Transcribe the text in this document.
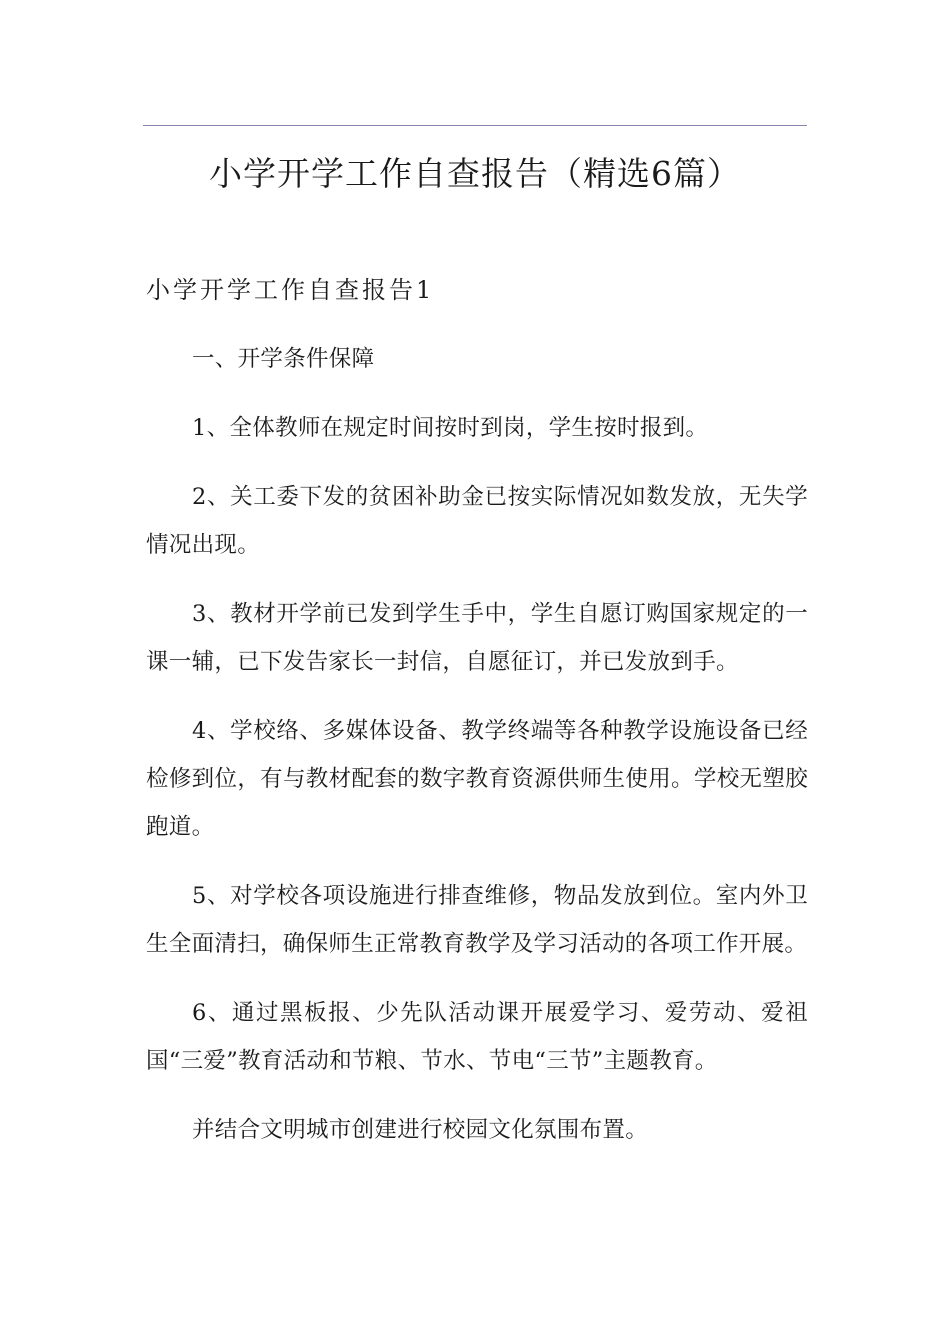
小学开学工作自查报告（精选6篇）
小学开学工作自查报告1

一、开学条件保障

1、全体教师在规定时间按时到岗，学生按时报到。

2、关工委下发的贫困补助金已按实际情况如数发放，无失学情况出现。

3、教材开学前已发到学生手中，学生自愿订购国家规定的一课一辅，已下发告家长一封信，自愿征订，并已发放到手。

4、学校络、多媒体设备、教学终端等各种教学设施设备已经检修到位，有与教材配套的数字教育资源供师生使用。学校无塑胶跑道。

5、对学校各项设施进行排查维修，物品发放到位。室内外卫生全面清扫，确保师生正常教育教学及学习活动的各项工作开展。

6、通过黑板报、少先队活动课开展爱学习、爱劳动、爱祖国“三爱”教育活动和节粮、节水、节电“三节”主题教育。

并结合文明城市创建进行校园文化氛围布置。
